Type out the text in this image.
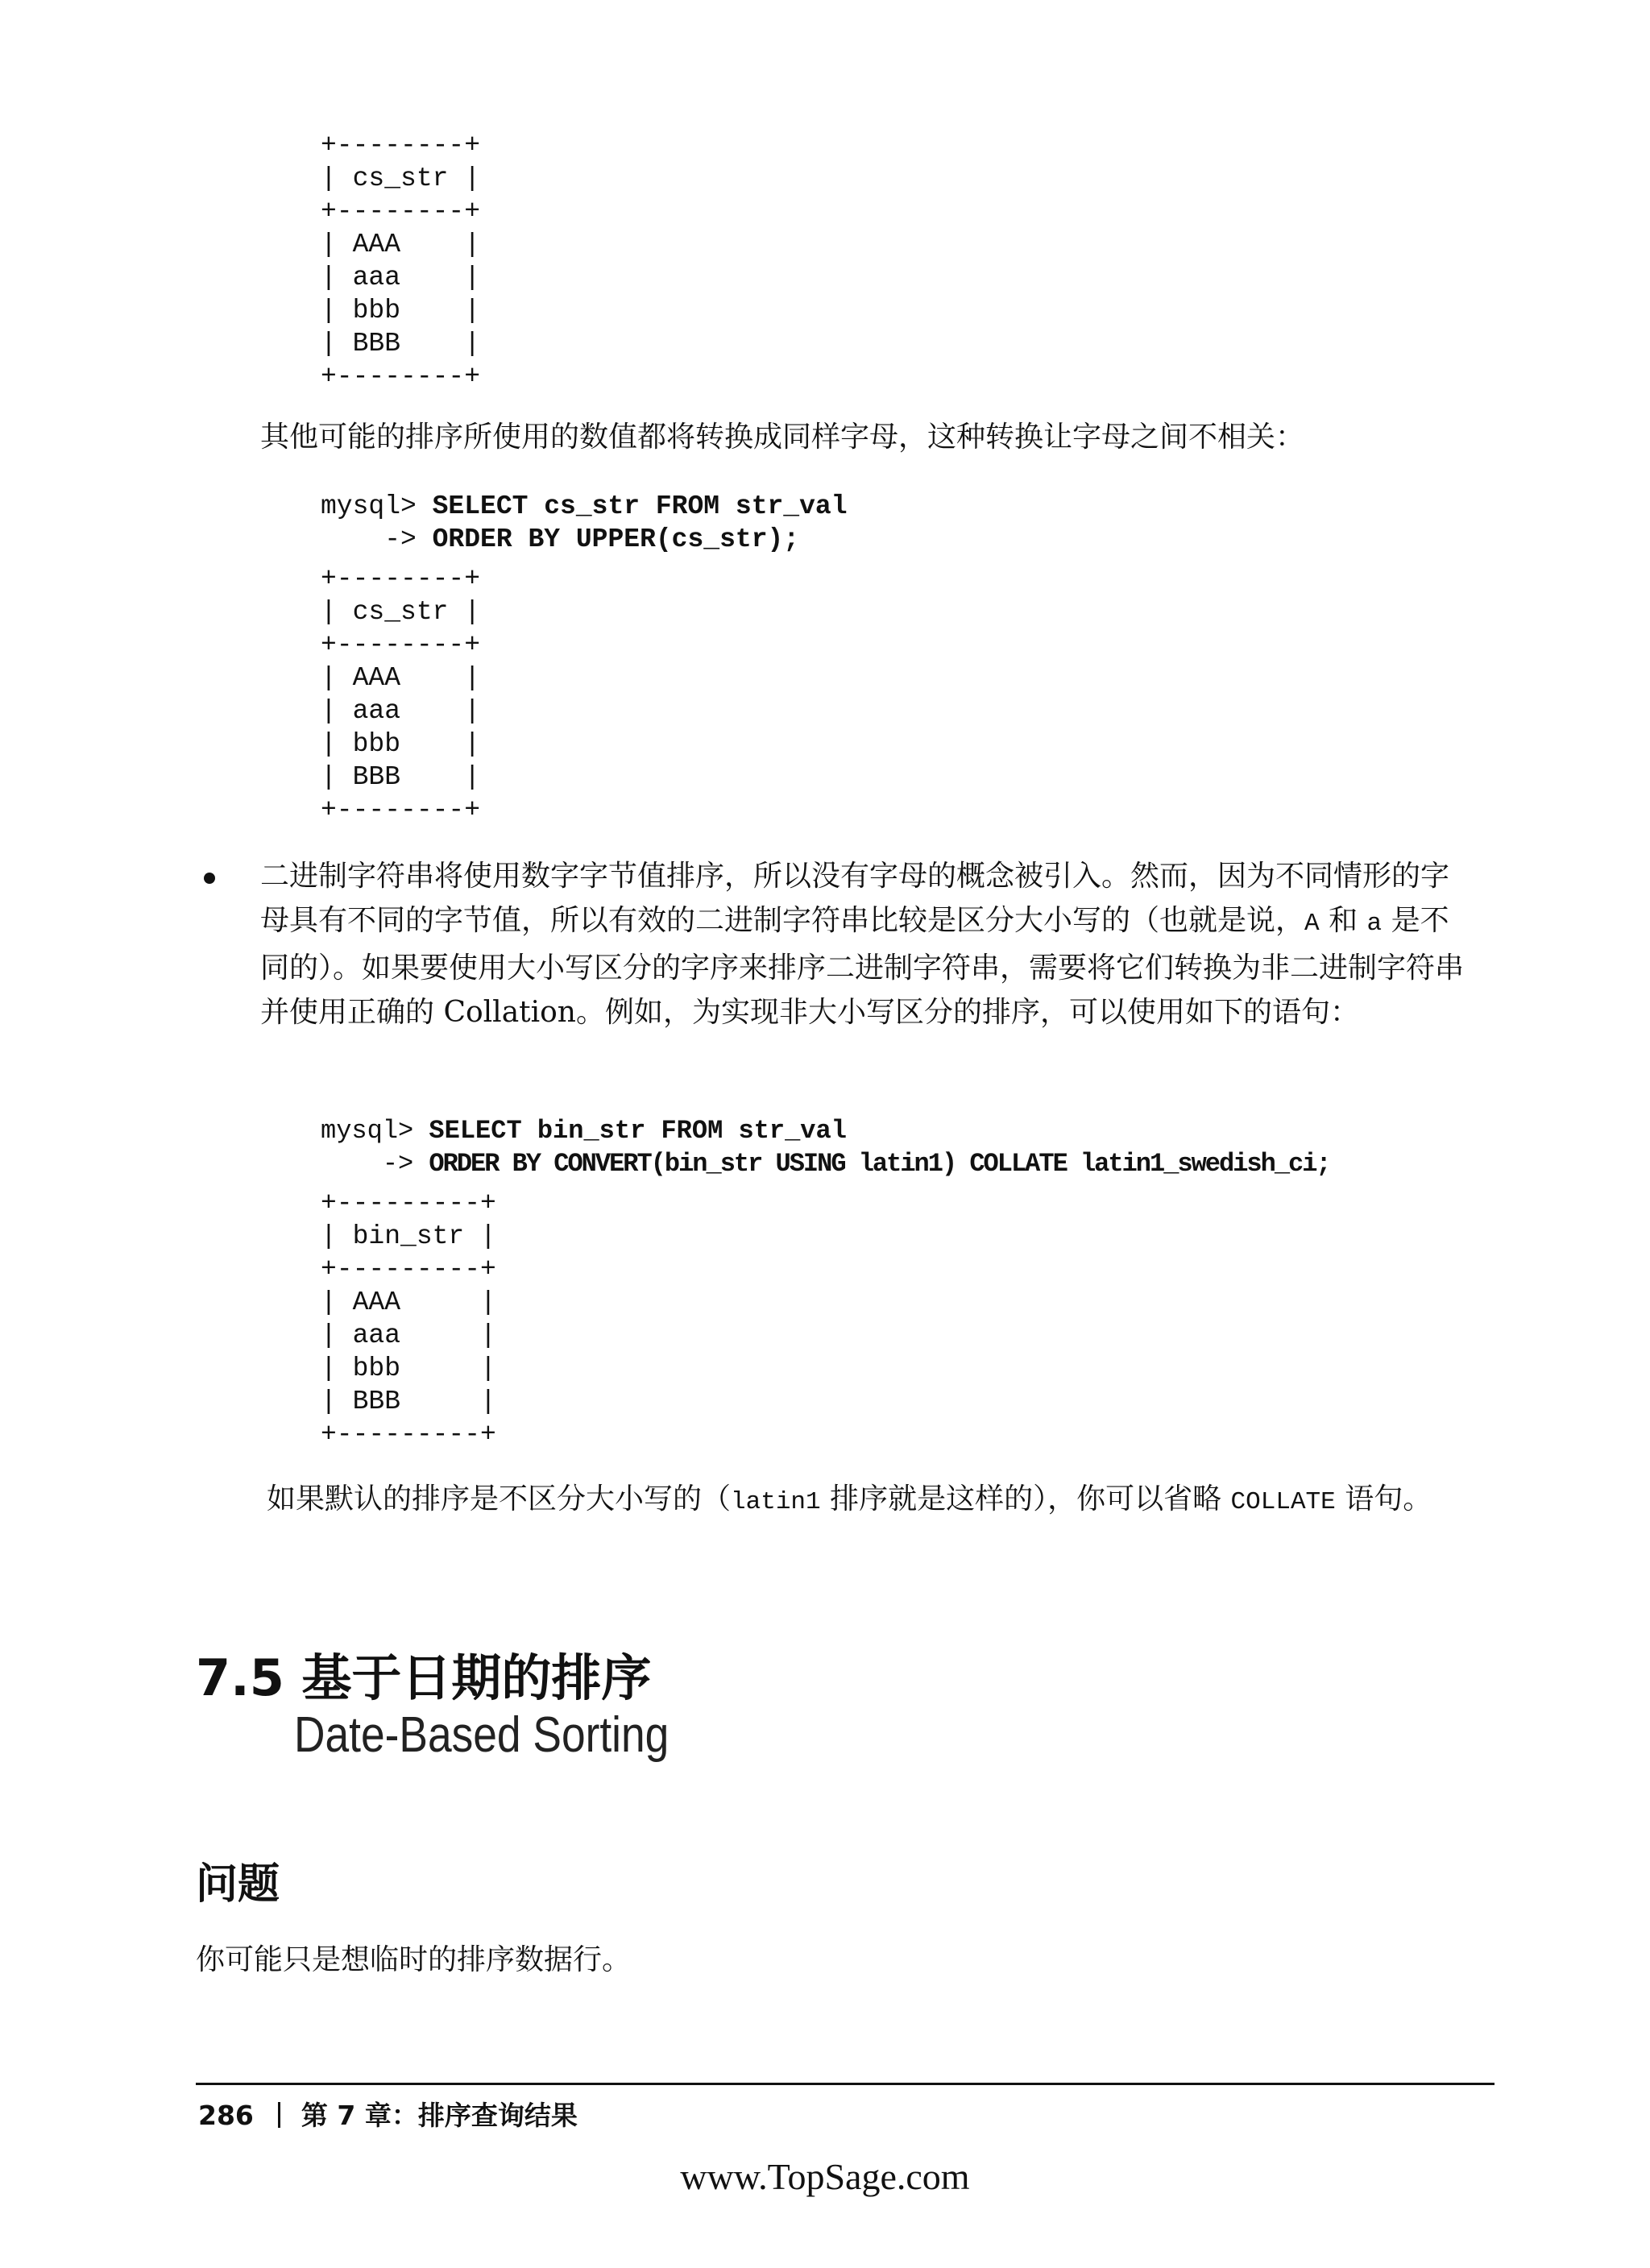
+--------+
| cs_str |
+--------+
| AAA    |
| aaa    |
| bbb    |
| BBB    |
+--------+

其他可能的排序所使用的数值都将转换成同样字母，这种转换让字母之间不相关：

mysql> SELECT cs_str FROM str_val
-> ORDER BY UPPER(cs_str);
+--------+
| cs_str |
+--------+
| AAA    |
| aaa    |
| bbb    |
| BBB    |
+--------+

二进制字符串将使用数字字节值排序，所以没有字母的概念被引入。然而，因为不同情形的字母具有不同的字节值，所以有效的二进制字符串比较是区分大小写的（也就是说，A 和 a 是不同的）。如果要使用大小写区分的字序来排序二进制字符串，需要将它们转换为非二进制字符串并使用正确的 Collation。例如，为实现非大小写区分的排序，可以使用如下的语句：

mysql> SELECT bin_str FROM str_val
-> ORDER BY CONVERT(bin_str USING latin1) COLLATE latin1_swedish_ci;
+---------+
| bin_str |
+---------+
| AAA     |
| aaa     |
| bbb     |
| BBB     |
+---------+

如果默认的排序是不区分大小写的（latin1 排序就是这样的），你可以省略 COLLATE 语句。

7.5 基于日期的排序
Date-Based Sorting
问题

你可能只是想临时的排序数据行。

286 第 7 章：排序查询结果
www.TopSage.com
